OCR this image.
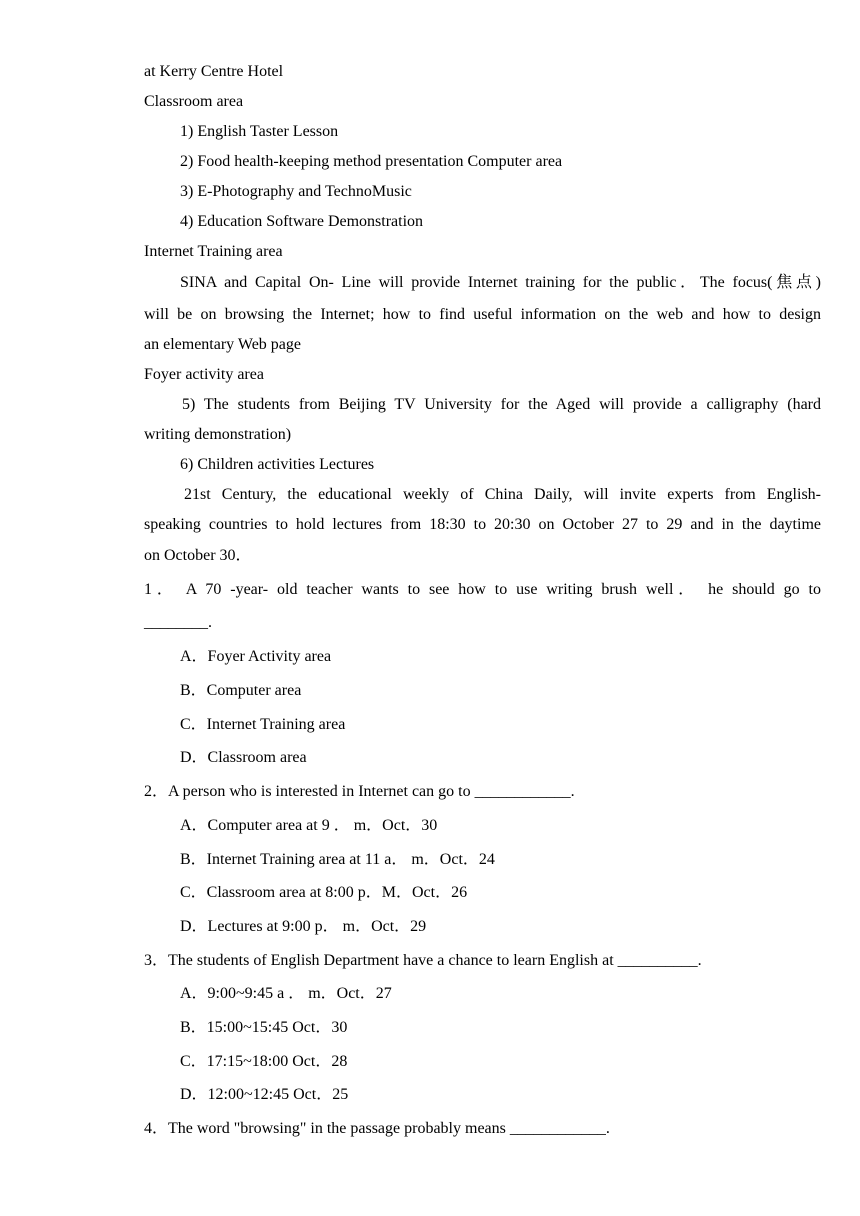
at Kerry Centre Hotel
Classroom area
1) English Taster Lesson
2) Food health-keeping method presentation Computer area
3) E-Photography and TechnoMusic
4) Education Software Demonstration
Internet Training area
SINA and Capital On- Line will provide Internet training for the public．The focus(焦点)
will be on browsing the Internet; how to find useful information on the web and how to design
an elementary Web page
Foyer activity area
5) The students from Beijing TV University for the Aged will provide a calligraphy (hard
writing demonstration)
6) Children activities Lectures
21st Century, the educational weekly of China Daily, will invite experts from English-
speaking countries to hold lectures from 18:30 to 20:30 on October 27 to 29 and in the daytime
on October 30．
1． A 70 -year- old teacher wants to see how to use writing brush well． he should go to
________.
A．Foyer Activity area
B．Computer area
C．Internet Training area
D．Classroom area
2．A person who is interested in Internet can go to ____________.
A．Computer area at 9 ． m．Oct．30
B．Internet Training area at 11 a． m．Oct．24
C．Classroom area at 8:00 p．M．Oct．26
D．Lectures at 9:00 p． m．Oct．29
3．The students of English Department have a chance to learn English at __________.
A．9:00~9:45 a ． m．Oct．27
B．15:00~15:45 Oct．30
C．17:15~18:00 Oct．28
D．12:00~12:45 Oct．25
4．The word "browsing" in the passage probably means ____________.
